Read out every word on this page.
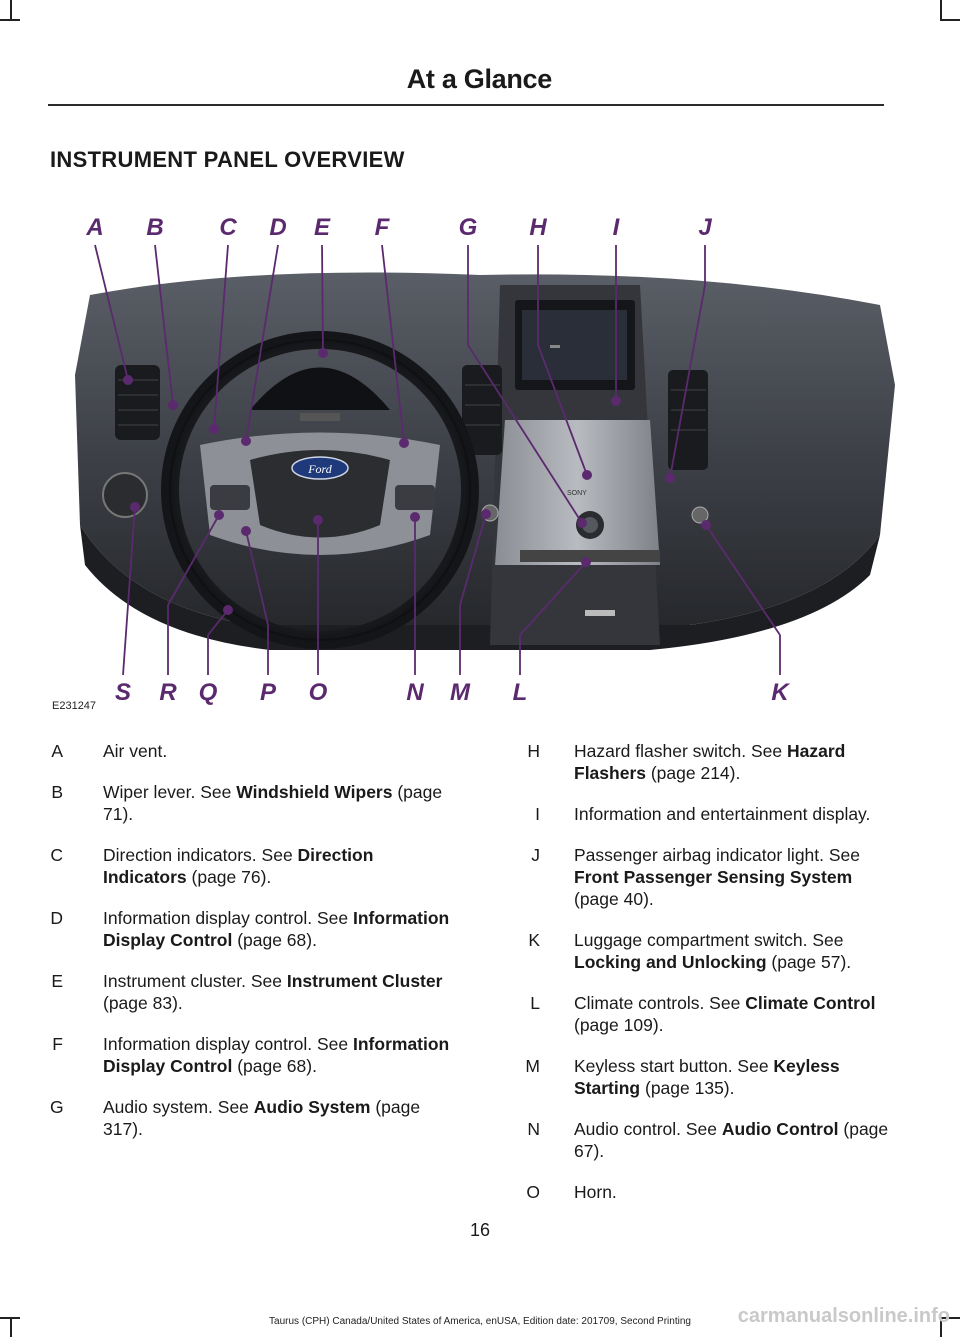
At a Glance
INSTRUMENT PANEL OVERVIEW
SONY
Ford
A B C D E F	G H	I	J
S R Q P O	N M L	K
E231247
A	Air vent.
B	Wiper lever. See Windshield Wipers (page 71).
C	Direction indicators. See Direction Indicators (page 76).
D	Information display control. See Information Display Control (page 68).
E	Instrument cluster. See Instrument Cluster (page 83).
F	Information display control. See Information Display Control (page 68).
G	Audio system. See Audio System (page 317).
H	Hazard flasher switch. See Hazard Flashers (page 214).
I	Information and entertainment display.
J	Passenger airbag indicator light. See Front Passenger Sensing System (page 40).
K	Luggage compartment switch. See Locking and Unlocking (page 57).
L	Climate controls. See Climate Control (page 109).
M	Keyless start button. See Keyless Starting (page 135).
N	Audio control. See Audio Control (page 67).
O	Horn.
16
Taurus (CPH) Canada/United States of America, enUSA, Edition date: 201709, Second Printing	carmanualsonline.info
